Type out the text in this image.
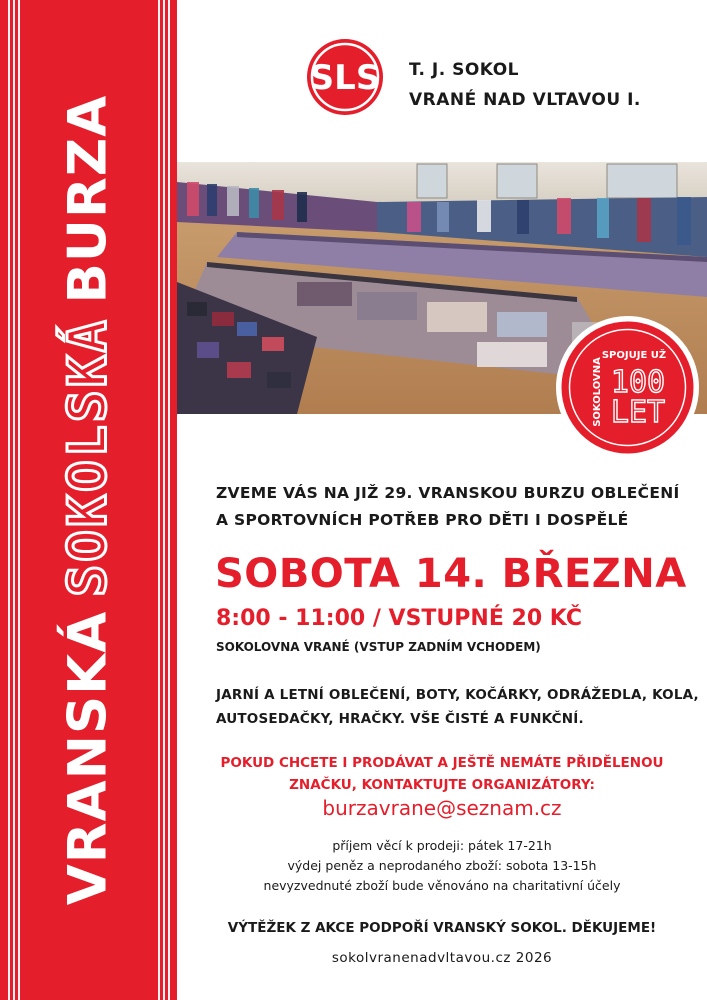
VRANSKÁSOKOLSKÁBURZA
SLS T. J. SOKOL
VRANÉ NAD VLTAVOU I.
SPOJUJE UŽ
SOKOLOVNA 100
LET
ZVEME VÁS NA JIŽ 29. VRANSKOU BURZU OBLEČENÍ
A SPORTOVNÍCH POTŘEB PRO DĚTI I DOSPĚLÉ
SOBOTA 14. BŘEZNA
8:00 - 11:00 / VSTUPNÉ 20 KČ
SOKOLOVNA VRANÉ (VSTUP ZADNÍM VCHODEM)
JARNÍ A LETNÍ OBLEČENÍ, BOTY, KOČÁRKY, ODRÁŽEDLA, KOLA,
AUTOSEDAČKY, HRAČKY. VŠE ČISTÉ A FUNKČNÍ.
POKUD CHCETE I PRODÁVAT A JEŠTĚ NEMÁTE PŘIDĚLENOU
ZNAČKU, KONTAKTUJTE ORGANIZÁTORY:
burzavrane@seznam.cz
příjem věcí k prodeji: pátek 17-21h
výdej peněz a neprodaného zboží: sobota 13-15h
nevyzvednuté zboží bude věnováno na charitativní účely
VÝTĚŽEK Z AKCE PODPOŘÍ VRANSKÝ SOKOL. DĚKUJEME!
sokolvranenadvltavou.cz 2026
